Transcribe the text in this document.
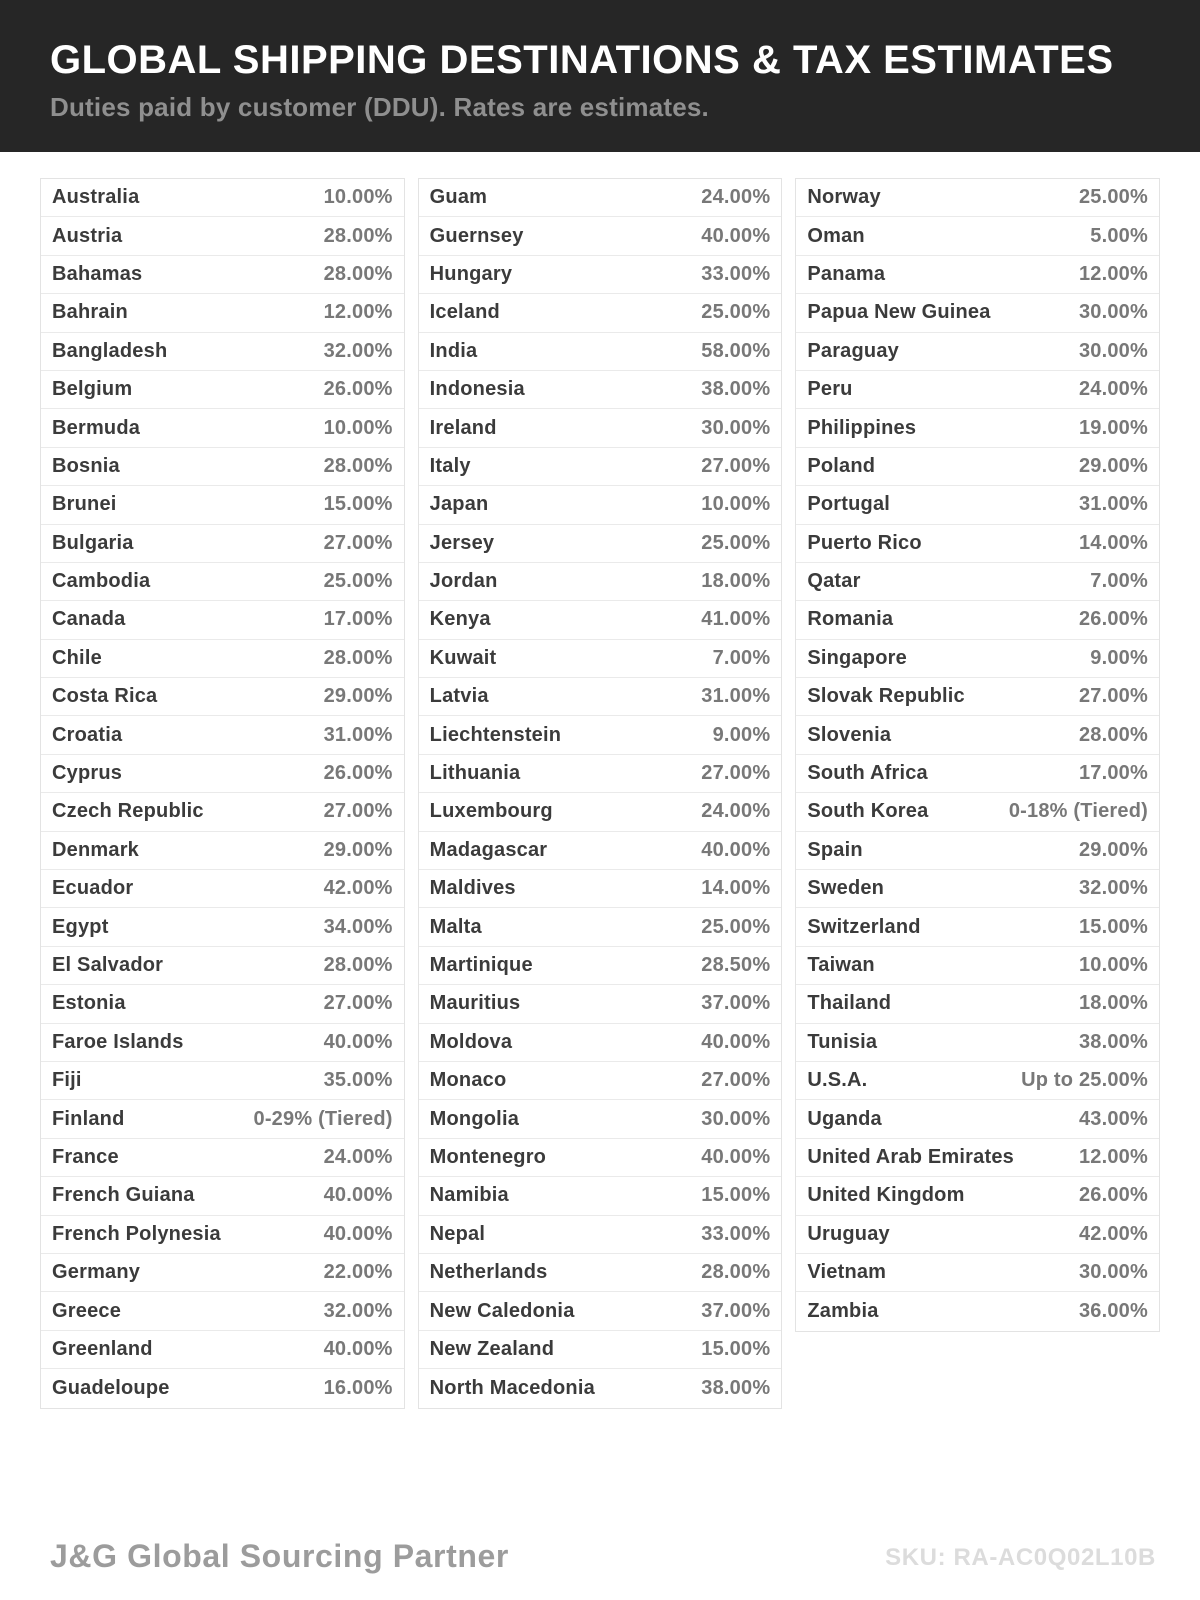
GLOBAL SHIPPING DESTINATIONS & TAX ESTIMATES
Duties paid by customer (DDU). Rates are estimates.
Australia	10.00%
Austria	28.00%
Bahamas	28.00%
Bahrain	12.00%
Bangladesh	32.00%
Belgium	26.00%
Bermuda	10.00%
Bosnia	28.00%
Brunei	15.00%
Bulgaria	27.00%
Cambodia	25.00%
Canada	17.00%
Chile	28.00%
Costa Rica	29.00%
Croatia	31.00%
Cyprus	26.00%
Czech Republic	27.00%
Denmark	29.00%
Ecuador	42.00%
Egypt	34.00%
El Salvador	28.00%
Estonia	27.00%
Faroe Islands	40.00%
Fiji	35.00%
Finland	0-29% (Tiered)
France	24.00%
French Guiana	40.00%
French Polynesia	40.00%
Germany	22.00%
Greece	32.00%
Greenland	40.00%
Guadeloupe	16.00%
Guam	24.00%
Guernsey	40.00%
Hungary	33.00%
Iceland	25.00%
India	58.00%
Indonesia	38.00%
Ireland	30.00%
Italy	27.00%
Japan	10.00%
Jersey	25.00%
Jordan	18.00%
Kenya	41.00%
Kuwait	7.00%
Latvia	31.00%
Liechtenstein	9.00%
Lithuania	27.00%
Luxembourg	24.00%
Madagascar	40.00%
Maldives	14.00%
Malta	25.00%
Martinique	28.50%
Mauritius	37.00%
Moldova	40.00%
Monaco	27.00%
Mongolia	30.00%
Montenegro	40.00%
Namibia	15.00%
Nepal	33.00%
Netherlands	28.00%
New Caledonia	37.00%
New Zealand	15.00%
North Macedonia	38.00%
Norway	25.00%
Oman	5.00%
Panama	12.00%
Papua New Guinea	30.00%
Paraguay	30.00%
Peru	24.00%
Philippines	19.00%
Poland	29.00%
Portugal	31.00%
Puerto Rico	14.00%
Qatar	7.00%
Romania	26.00%
Singapore	9.00%
Slovak Republic	27.00%
Slovenia	28.00%
South Africa	17.00%
South Korea	0-18% (Tiered)
Spain	29.00%
Sweden	32.00%
Switzerland	15.00%
Taiwan	10.00%
Thailand	18.00%
Tunisia	38.00%
U.S.A.	Up to 25.00%
Uganda	43.00%
United Arab Emirates	12.00%
United Kingdom	26.00%
Uruguay	42.00%
Vietnam	30.00%
Zambia	36.00%
J&G Global Sourcing Partner	SKU: RA-AC0Q02L10B
